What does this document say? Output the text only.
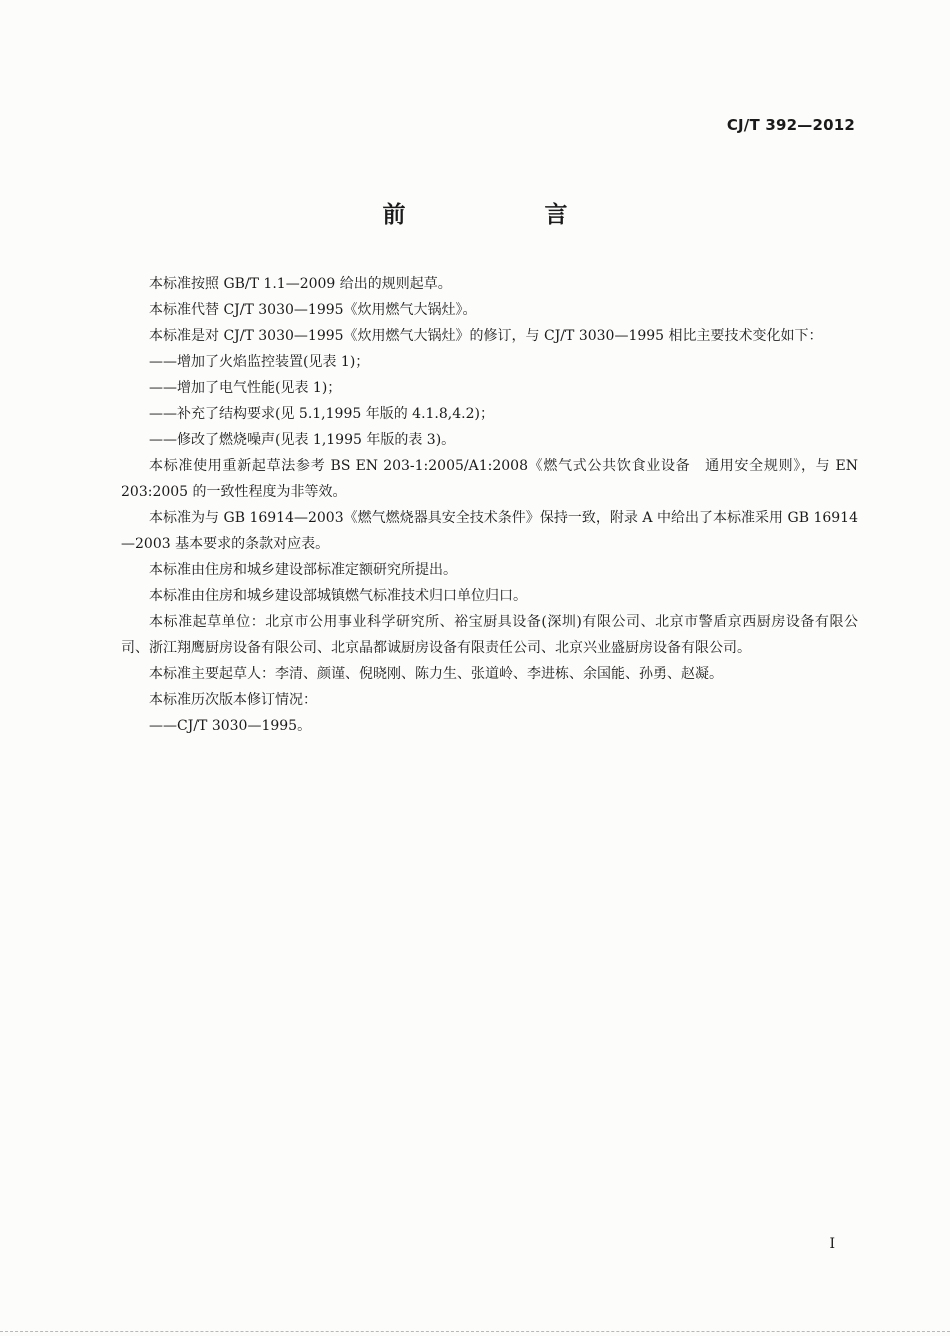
CJ/T 392—2012
前　言

本标准按照 GB/T 1.1—2009 给出的规则起草。

本标准代替 CJ/T 3030—1995《炊用燃气大锅灶》。

本标准是对 CJ/T 3030—1995《炊用燃气大锅灶》的修订，与 CJ/T 3030—1995 相比主要技术变化如下：

——增加了火焰监控装置(见表 1)；

——增加了电气性能(见表 1)；

——补充了结构要求(见 5.1,1995 年版的 4.1.8,4.2)；

——修改了燃烧噪声(见表 1,1995 年版的表 3)。

本标准使用重新起草法参考 BS EN 203-1:2005/A1:2008《燃气式公共饮食业设备　通用安全规则》，与 EN 203:2005 的一致性程度为非等效。

本标准为与 GB 16914—2003《燃气燃烧器具安全技术条件》保持一致，附录 A 中给出了本标准采用 GB 16914—2003 基本要求的条款对应表。

本标准由住房和城乡建设部标准定额研究所提出。

本标准由住房和城乡建设部城镇燃气标准技术归口单位归口。

本标准起草单位：北京市公用事业科学研究所、裕宝厨具设备(深圳)有限公司、北京市警盾京西厨房设备有限公司、浙江翔鹰厨房设备有限公司、北京晶都诚厨房设备有限责任公司、北京兴业盛厨房设备有限公司。

本标准主要起草人：李清、颜谨、倪晓刚、陈力生、张道岭、李进栋、余国能、孙勇、赵凝。

本标准历次版本修订情况：

——CJ/T 3030—1995。

I
